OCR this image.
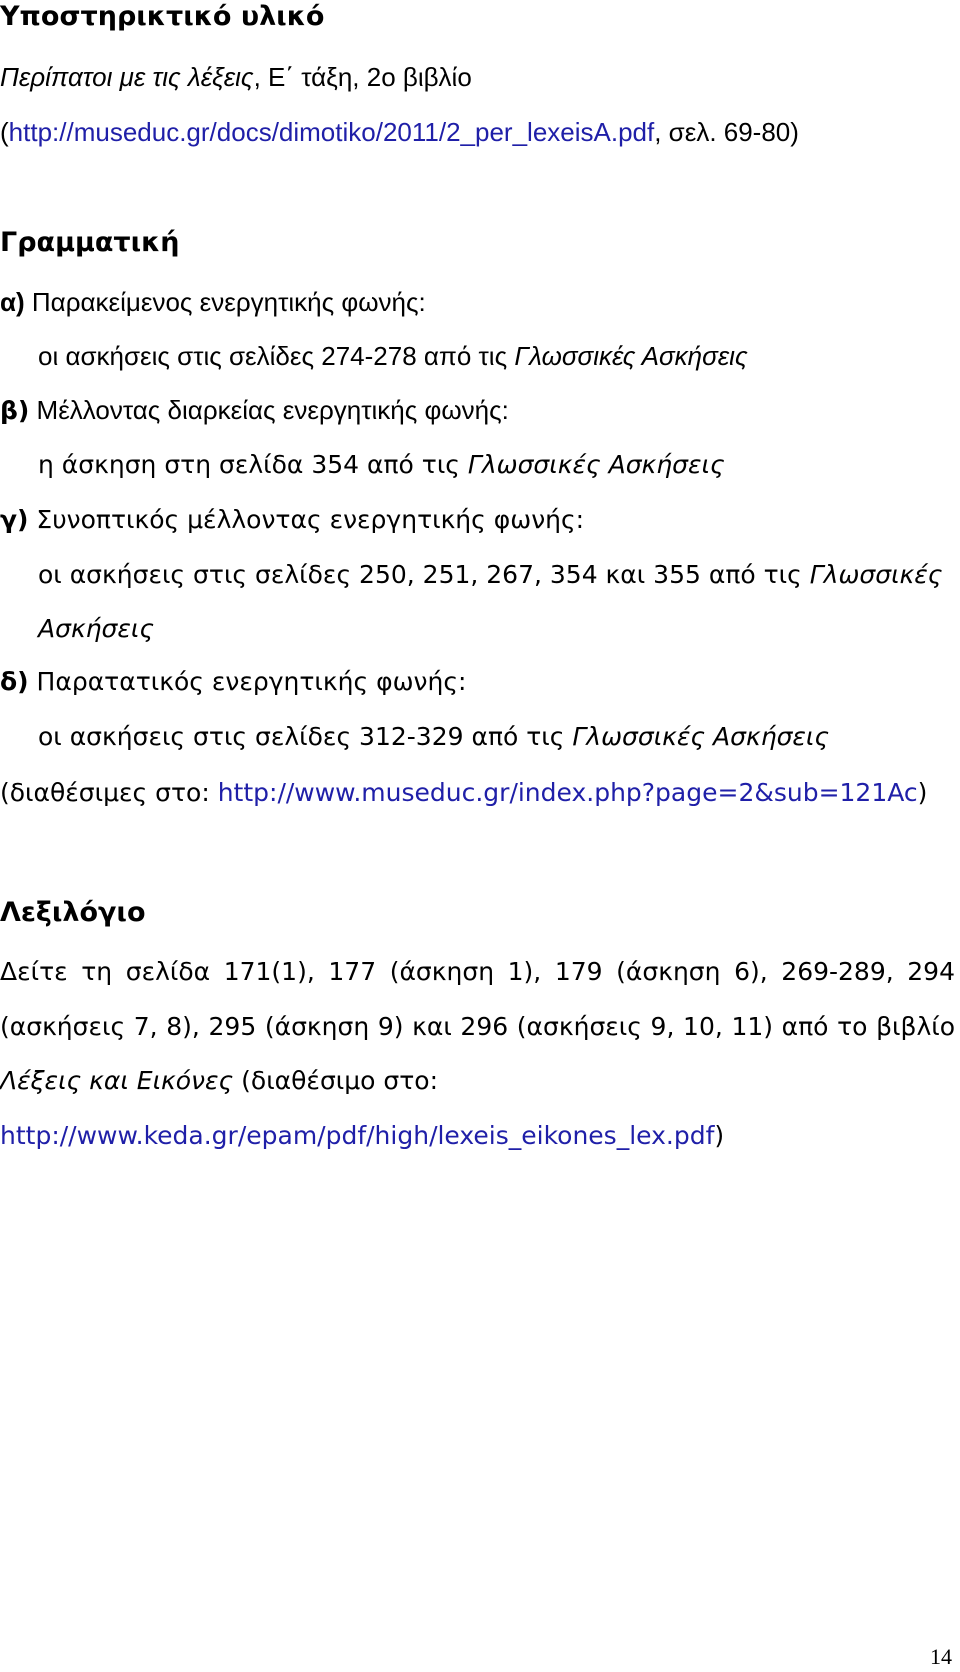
Υποστηρικτικό υλικό
Περίπατοι με τις λέξεις, Ε΄ τάξη, 2ο βιβλίο
(http://museduc.gr/docs/dimotiko/2011/2_per_lexeisA.pdf, σελ. 69-80)
Γραμματική
α) Παρακείμενος ενεργητικής φωνής:
οι ασκήσεις στις σελίδες 274-278 από τις Γλωσσικές Ασκήσεις
β) Μέλλοντας διαρκείας ενεργητικής φωνής:
η άσκηση στη σελίδα 354 από τις Γλωσσικές Ασκήσεις
γ) Συνοπτικός μέλλοντας ενεργητικής φωνής:
οι ασκήσεις στις σελίδες 250, 251, 267, 354 και 355 από τις Γλωσσικές
Ασκήσεις
δ) Παρατατικός ενεργητικής φωνής:
οι ασκήσεις στις σελίδες 312-329 από τις Γλωσσικές Ασκήσεις
(διαθέσιμες στο: http://www.museduc.gr/index.php?page=2&sub=121Ac)
Λεξιλόγιο
Δείτε τη σελίδα 171(1), 177 (άσκηση 1), 179 (άσκηση 6), 269-289, 294
(ασκήσεις 7, 8), 295 (άσκηση 9) και 296 (ασκήσεις 9, 10, 11) από το βιβλίο
Λέξεις και Εικόνες (διαθέσιμο στο:
http://www.keda.gr/epam/pdf/high/lexeis_eikones_lex.pdf)
14
